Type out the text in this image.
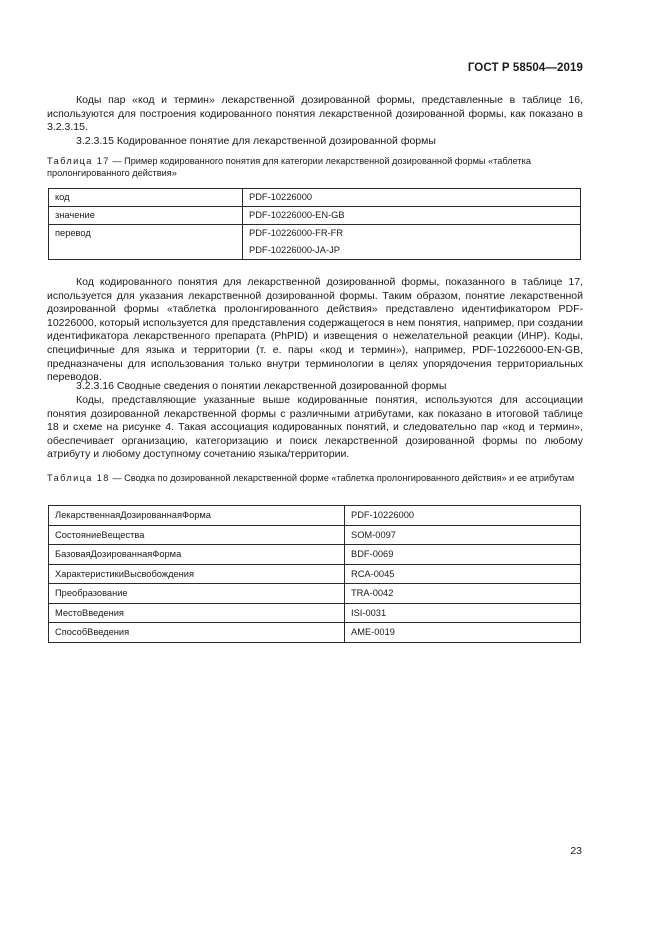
ГОСТ Р 58504—2019

Коды пар «код и термин» лекарственной дозированной формы, представленные в таблице 16, используются для построения кодированного понятия лекарственной дозированной формы, как показано в 3.2.3.15.

3.2.3.15 Кодированное понятие для лекарственной дозированной формы

Таблица 17 — Пример кодированного понятия для категории лекарственной дозированной формы «таблетка пролонгированного действия»

код	PDF-10226000
значение	PDF-10226000-EN-GB
перевод	PDF-10226000-FR-FR
PDF-10226000-JA-JP

Код кодированного понятия для лекарственной дозированной формы, показанного в таблице 17, используется для указания лекарственной дозированной формы. Таким образом, понятие лекарственной дозированной формы «таблетка пролонгированного действия» представлено идентификатором PDF-10226000, который используется для представления содержащегося в нем понятия, например, при создании идентификатора лекарственного препарата (PhPID) и извещения о нежелательной реакции (ИНР). Коды, специфичные для языка и территории (т. е. пары «код и термин»), например, PDF-10226000-EN-GB, предназначены для использования только внутри терминологии в целях упорядочения территориальных переводов.

3.2.3.16 Сводные сведения о понятии лекарственной дозированной формы

Коды, представляющие указанные выше кодированные понятия, используются для ассоциации понятия дозированной лекарственной формы с различными атрибутами, как показано в итоговой таблице 18 и схеме на рисунке 4. Такая ассоциация кодированных понятий, и следовательно пар «код и термин», обеспечивает организацию, категоризацию и поиск лекарственной дозированной формы по любому атрибуту и любому доступному сочетанию языка/территории.

Таблица 18 — Сводка по дозированной лекарственной форме «таблетка пролонгированного действия» и ее атрибутам

ЛекарственнаяДозированнаяФорма	PDF-10226000
СостояниеВещества	SOM-0097
БазоваяДозированнаяФорма	BDF-0069
ХарактеристикиВысвобождения	RCA-0045
Преобразование	TRA-0042
МестоВведения	ISI-0031
СпособВведения	AME-0019
23
